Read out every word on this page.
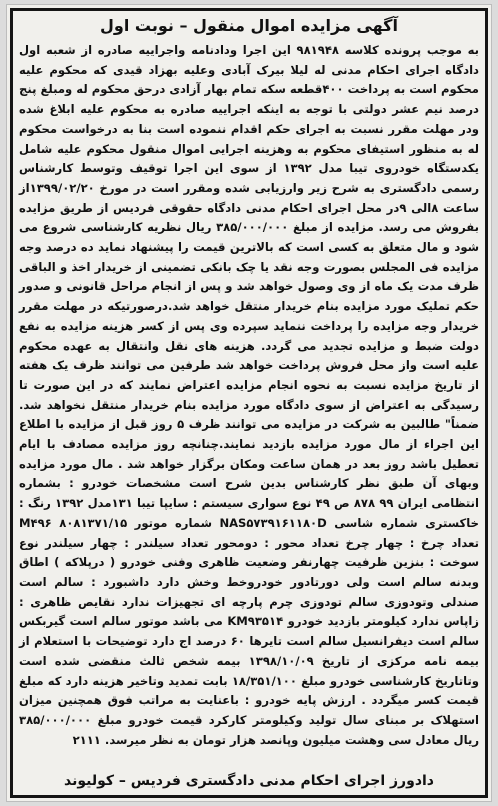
آگهی مزایده اموال منقول – نوبت اول

به موجب پرونده کلاسه ۹۸۱۹۴۸ این اجرا ودادنامه واجراییه صادره از شعبه اول دادگاه اجرای احکام مدنی له لیلا بیرک آبادی وعلیه بهزاد قیدی که محکوم علیه محکوم است به پرداخت ۴۰۰قطعه سکه تمام بهار آزادی درحق محکوم له ومبلغ پنج درصد نیم عشر دولتی با توجه به اینکه اجراییه صادره به محکوم علیه ابلاغ شده ودر مهلت مقرر نسبت به اجرای حکم اقدام ننموده است بنا به درخواست محکوم له به منظور استیفای محکوم به وهزینه اجرایی اموال منقول محکوم علیه شامل یکدستگاه خودروی تیبا مدل ۱۳۹۲ از سوی این اجرا توقیف وتوسط کارشناس رسمی دادگستری به شرح زیر وارزیابی شده ومقرر است در مورخ ۱۳۹۹/۰۲/۲۰از ساعت ۸الی ۹در محل اجرای احکام مدنی دادگاه حقوقی فردیس از طریق مزایده بفروش می رسد. مزایده از مبلغ ۳۸۵/۰۰۰/۰۰۰ ریال نظریه کارشناسی شروع می شود و مال متعلق به کسی است که بالاترین قیمت را پیشنهاد نماید ده درصد وجه مزایده فی المجلس بصورت وجه نقد یا چک بانکی تضمینی از خریدار اخذ و الباقی ظرف مدت یک ماه از وی وصول خواهد شد و پس از انجام مراحل قانونی و صدور حکم تملیک مورد مزایده بنام خریدار منتقل خواهد شد.درصورتیکه در مهلت مقرر خریدار وجه مزایده را پرداخت ننماید سپرده وی پس از کسر هزینه مزایده به نفع دولت ضبط و مزایده تجدید می گردد. هزینه های نقل وانتقال به عهده محکوم علیه است واز محل فروش پرداخت خواهد شد طرفین می توانند ظرف یک هفته از تاریخ مزایده نسبت به نحوه انجام مزایده اعتراض نمایند که در این صورت تا رسیدگی به اعتراض از سوی دادگاه مورد مزایده بنام خریدار منتقل نخواهد شد. ضمناً" طالبین به شرکت در مزایده می توانند ظرف ۵ روز قبل از مزایده با اطلاع این اجراء از مال مورد مزایده بازدید نمایند.چنانچه روز مزایده مصادف با ایام تعطیل باشد روز بعد در همان ساعت ومکان برگزار خواهد شد . مال مورد مزایده وبهای آن طبق نظر کارشناس بدین شرح است مشخصات خودرو : بشماره انتظامی ایران ۹۹ ۸۷۸ ص ۴۹ نوع سواری سیستم : سایپا تیبا ۱۳۱مدل ۱۳۹۲ رنگ : خاکستری شماره شاسی NAS۵۷۳۹۱۶۱۱۸۰D شماره موتور ۸۰۸۱۳۷۱/۱۵ M۴۹۶ تعداد چرخ : چهار چرخ تعداد محور : دومحور تعداد سیلندر : چهار سیلندر نوع سوخت : بنزین ظرفیت چهارنفر وضعیت ظاهری وفنی خودرو ( درپلاکه ) اطاق وبدنه سالم است ولی دورتادور خودروخط وخش دارد داشبورد : سالم است صندلی وتودوزی سالم تودوزی چرم پارچه ای تجهیزات ندارد نقایص ظاهری : زاپاس ندارد کیلومتر بازدید خودرو KM۹۳۵۱۴ می باشد موتور سالم است گیربکس سالم است دیفرانسیل سالم است تایرها ۶۰ درصد اج دارد توضیحات با استعلام از بیمه نامه مرکزی از تاریخ ۱۳۹۸/۱۰/۰۹ بیمه شخص ثالث منقضی شده است وتاتاریخ کارشناسی خودرو مبلغ ۱۸/۳۵۱/۱۰۰ بابت تمدید وتاخیر هزینه دارد که مبلغ قیمت کسر میگردد . ارزش پایه خودرو : باعنایت به مراتب فوق همچنین میزان استهلاک بر مبنای سال تولید وکیلومتر کارکرد قیمت خودرو مبلغ ۳۸۵/۰۰۰/۰۰۰ ریال معادل سی وهشت میلیون وپانصد هزار تومان به نظر میرسد. ۲۱۱۱

دادورز اجرای احکام مدنی دادگستری فردیس – کولیوند
